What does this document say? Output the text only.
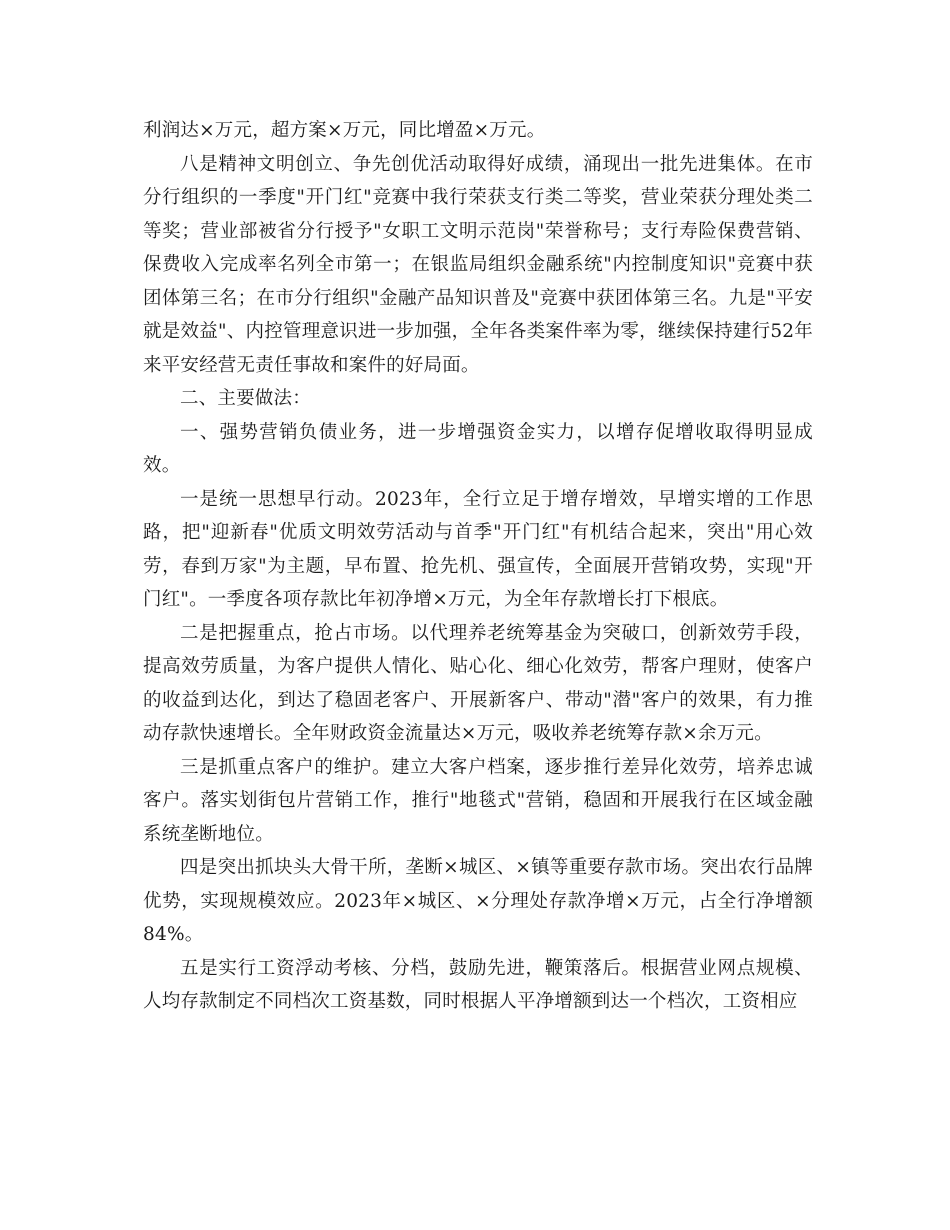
利润达×万元，超方案×万元，同比增盈×万元。

八是精神文明创立、争先创优活动取得好成绩，涌现出一批先进集体。在市分行组织的一季度"开门红"竞赛中我行荣获支行类二等奖，营业荣获分理处类二等奖；营业部被省分行授予"女职工文明示范岗"荣誉称号；支行寿险保费营销、保费收入完成率名列全市第一；在银监局组织金融系统"内控制度知识"竞赛中获团体第三名；在市分行组织"金融产品知识普及"竞赛中获团体第三名。九是"平安就是效益"、内控管理意识进一步加强，全年各类案件率为零，继续保持建行52年来平安经营无责任事故和案件的好局面。

二、主要做法：

一、强势营销负债业务，进一步增强资金实力，以增存促增收取得明显成效。

一是统一思想早行动。2023年，全行立足于增存增效，早增实增的工作思路，把"迎新春"优质文明效劳活动与首季"开门红"有机结合起来，突出"用心效劳，春到万家"为主题，早布置、抢先机、强宣传，全面展开营销攻势，实现"开门红"。一季度各项存款比年初净增×万元，为全年存款增长打下根底。

二是把握重点，抢占市场。以代理养老统筹基金为突破口，创新效劳手段，提高效劳质量，为客户提供人情化、贴心化、细心化效劳，帮客户理财，使客户的收益到达化，到达了稳固老客户、开展新客户、带动"潜"客户的效果，有力推动存款快速增长。全年财政资金流量达×万元，吸收养老统筹存款×余万元。

三是抓重点客户的维护。建立大客户档案，逐步推行差异化效劳，培养忠诚客户。落实划街包片营销工作，推行"地毯式"营销，稳固和开展我行在区域金融系统垄断地位。

四是突出抓块头大骨干所，垄断×城区、×镇等重要存款市场。突出农行品牌优势，实现规模效应。2023年×城区、×分理处存款净增×万元，占全行净增额84%。

五是实行工资浮动考核、分档，鼓励先进，鞭策落后。根据营业网点规模、人均存款制定不同档次工资基数，同时根据人平净增额到达一个档次，工资相应
